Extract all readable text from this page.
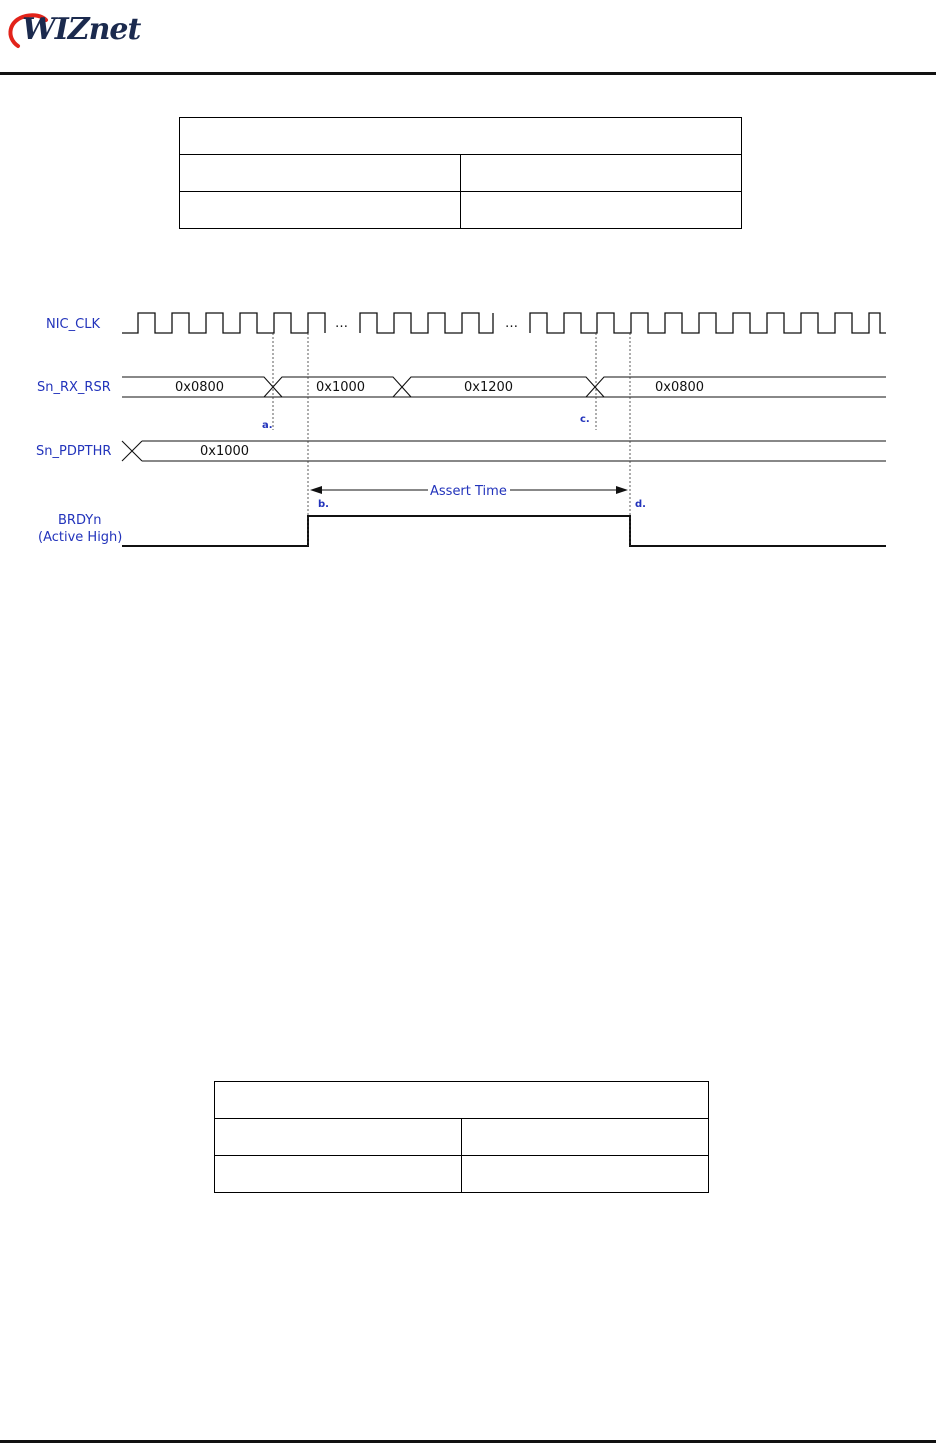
WIZnet

NIC_CLK
Sn_RX_RSR
Sn_PDPTHR
BRDYn
(Active High)
…	…
0x0800	0x1000	0x1200	0x0800
0x1000
a.
b.
c.
d.
Assert Time
